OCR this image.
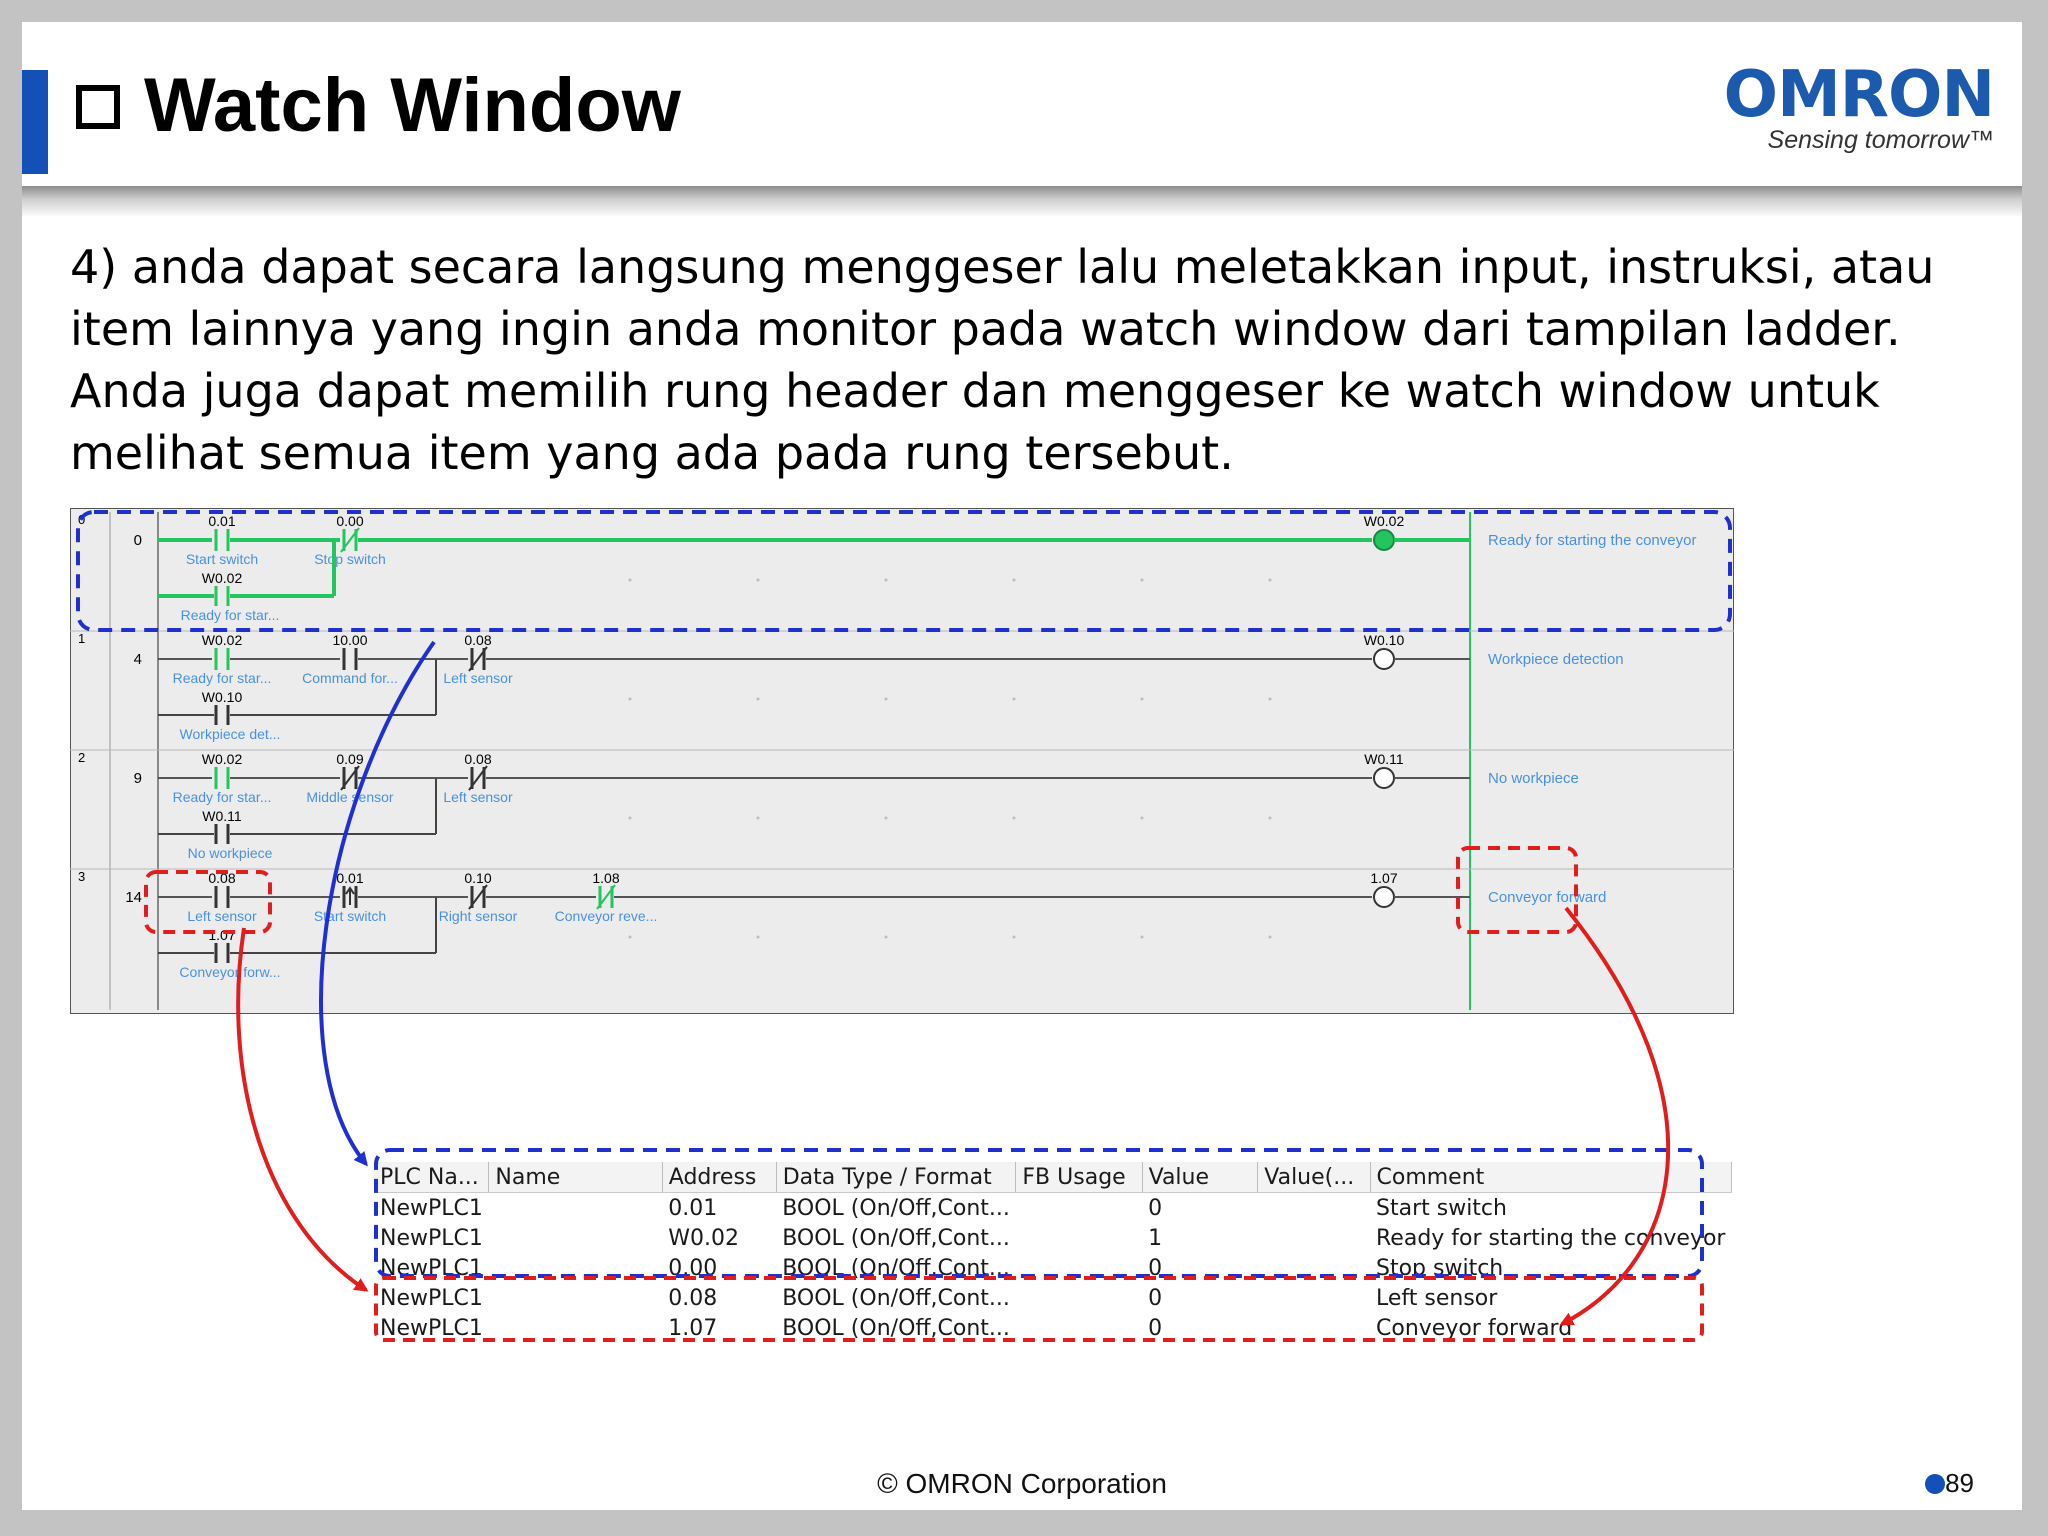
Watch Window	OMRON
Sensing tomorrow™

4) anda dapat secara langsung menggeser lalu meletakkan input, instruksi, atau item lainnya yang ingin anda monitor pada watch window dari tampilan ladder.

Anda juga dapat memilih rung header dan menggeser ke watch window untuk melihat semua item yang ada pada rung tersebut.

0
0
0.01
Start switch
0.00
Stop switch
W0.02
Ready for star...
W0.02
Ready for starting the conveyor
1
4
W0.02
Ready for star...
10.00
Command for...
0.08
Left sensor
W0.10
Workpiece det...
W0.10
Workpiece detection
2
9
W0.02
Ready for star...
0.09
Middle sensor
0.08
Left sensor
W0.11
No workpiece
W0.11
No workpiece
3
14
0.08
Left sensor
0.01
Start switch
0.10
Right sensor
1.08
Conveyor reve...
1.07
Conveyor forw...
1.07
Conveyor forward
PLC Na...	Name	Address	Data Type / Format	FB Usage	Value	Value(...	Comment
NewPLC1		0.01	BOOL (On/Off,Cont...		0		Start switch
NewPLC1		W0.02	BOOL (On/Off,Cont...		1		Ready for starting the conveyor
NewPLC1		0.00	BOOL (On/Off,Cont...		0		Stop switch
NewPLC1		0.08	BOOL (On/Off,Cont...		0		Left sensor
NewPLC1		1.07	BOOL (On/Off,Cont...		0		Conveyor forward
© OMRON Corporation	89
